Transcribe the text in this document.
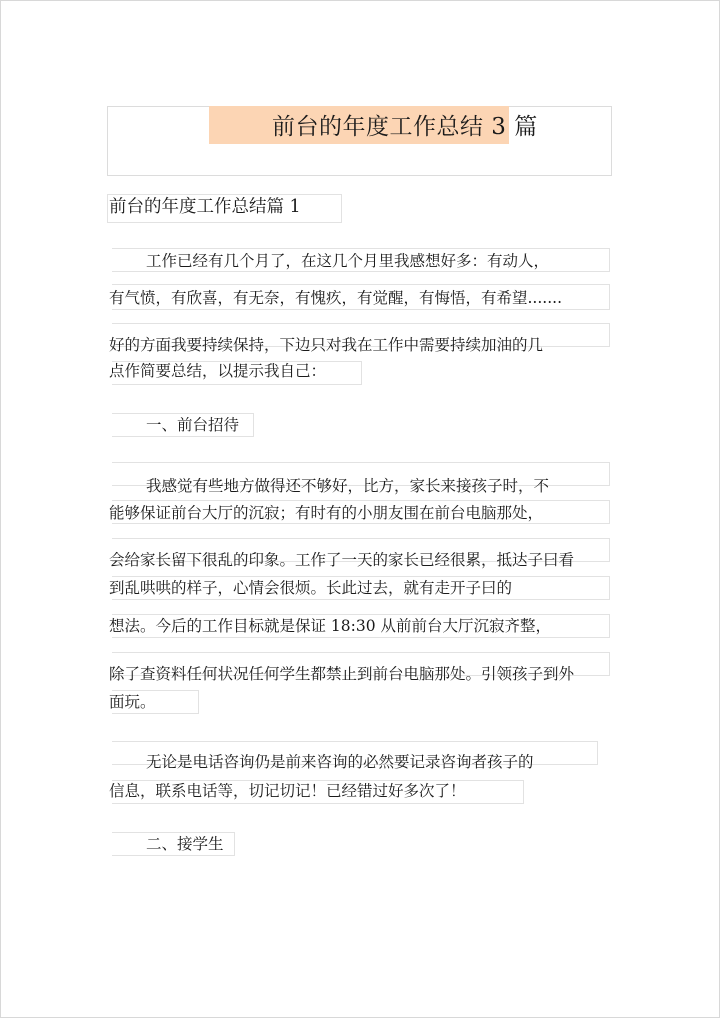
前台的年度工作总结 3 篇
前台的年度工作总结篇 1
工作已经有几个月了，在这几个月里我感想好多：有动人，
有气愤，有欣喜，有无奈，有愧疚，有觉醒，有悔悟，有希望.......
好的方面我要持续保持，下边只对我在工作中需要持续加油的几
点作简要总结，以提示我自己：
一、前台招待
我感觉有些地方做得还不够好，比方，家长来接孩子时，不
能够保证前台大厅的沉寂；有时有的小朋友围在前台电脑那处，
会给家长留下很乱的印象。工作了一天的家长已经很累，抵达子曰看
到乱哄哄的样子，心情会很烦。长此过去，就有走开子曰的
想法。今后的工作目标就是保证 18:30 从前前台大厅沉寂齐整，
除了查资料任何状况任何学生都禁止到前台电脑那处。引领孩子到外
面玩。
无论是电话咨询仍是前来咨询的必然要记录咨询者孩子的
信息，联系电话等，切记切记！已经错过好多次了！
二、接学生
